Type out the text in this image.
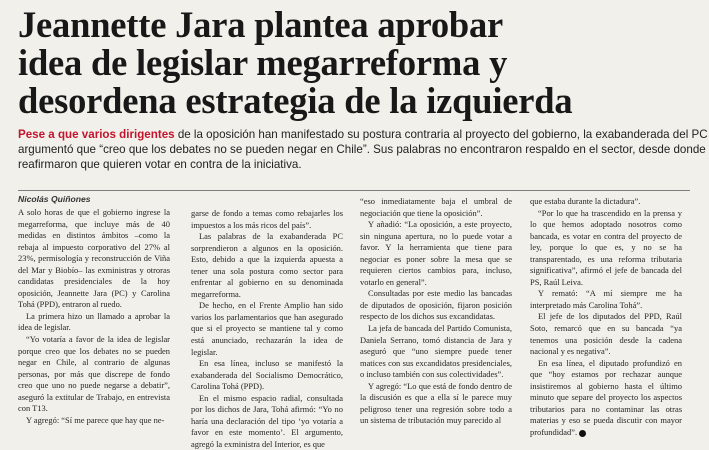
Jeannette Jara plantea aprobar
idea de legislar megarreforma y
desordena estrategia de la izquierda

Pese a que varios dirigentes de la oposición han manifestado su postura contraria al proyecto del gobierno, la exabanderada del PC argumentó que “creo que los debates no se pueden negar en Chile”. Sus palabras no encontraron respaldo en el sector, desde donde reafirmaron que quieren votar en contra de la iniciativa.

Nicolás Quiñones

A solo horas de que el gobierno ingrese la megarreforma, que incluye más de 40 medidas en distintos ámbitos –como la rebaja al impuesto corporativo del 27% al 23%, permisología y reconstrucción de Viña del Mar y Biobío– las exministras y otroras candidatas presidenciales de la hoy oposición, Jeannette Jara (PC) y Carolina Tohá (PPD), entraron al ruedo.

La primera hizo un llamado a aprobar la idea de legislar.

“Yo votaría a favor de la idea de legislar porque creo que los debates no se pueden negar en Chile, al contrario de algunas personas, por más que discrepe de fondo creo que uno no puede negarse a debatir”, aseguró la extitular de Trabajo, en entrevista con T13.

Y agregó: “Sí me parece que hay que ne-

garse de fondo a temas como rebajarles los impuestos a los más ricos del país”.

Las palabras de la exabanderada PC sorprendieron a algunos en la oposición. Esto, debido a que la izquierda apuesta a tener una sola postura como sector para enfrentar al gobierno en su denominada megarreforma.

De hecho, en el Frente Amplio han sido varios los parlamentarios que han asegurado que si el proyecto se mantiene tal y como está anunciado, rechazarán la idea de legislar.

En esa línea, incluso se manifestó la exabanderada del Socialismo Democrático, Carolina Tohá (PPD).

En el mismo espacio radial, consultada por los dichos de Jara, Tohá afirmó: “Yo no haría una declaración del tipo ‘yo votaría a favor en este momento’. El argumento, agregó la exministra del Interior, es que

“eso inmediatamente baja el umbral de negociación que tiene la oposición”.

Y añadió: “La oposición, a este proyecto, sin ninguna apertura, no lo puede votar a favor. Y la herramienta que tiene para negociar es poner sobre la mesa que se requieren ciertos cambios para, incluso, votarlo en general”.

Consultadas por este medio las bancadas de diputados de oposición, fijaron posición respecto de los dichos sus excandidatas.

La jefa de bancada del Partido Comunista, Daniela Serrano, tomó distancia de Jara y aseguró que “uno siempre puede tener matices con sus excandidatos presidenciales, o incluso también con sus colectividades”.

Y agregó: “Lo que está de fondo dentro de la discusión es que a ella sí le parece muy peligroso tener una regresión sobre todo a un sistema de tributación muy parecido al

que estaba durante la dictadura”.

“Por lo que ha trascendido en la prensa y lo que hemos adoptado nosotros como bancada, es votar en contra del proyecto de ley, porque lo que es, y no se ha transparentado, es una reforma tributaria significativa”, afirmó el jefe de bancada del PS, Raúl Leiva.

Y remató: “A mí siempre me ha interpretado más Carolina Tohá”.

El jefe de los diputados del PPD, Raúl Soto, remarcó que en su bancada “ya tenemos una posición desde la cadena nacional y es negativa”.

En esa línea, el diputado profundizó en que “hoy estamos por rechazar aunque insistiremos al gobierno hasta el último minuto que separe del proyecto los aspectos tributarios para no contaminar las otras materias y eso se pueda discutir con mayor profundidad”.
